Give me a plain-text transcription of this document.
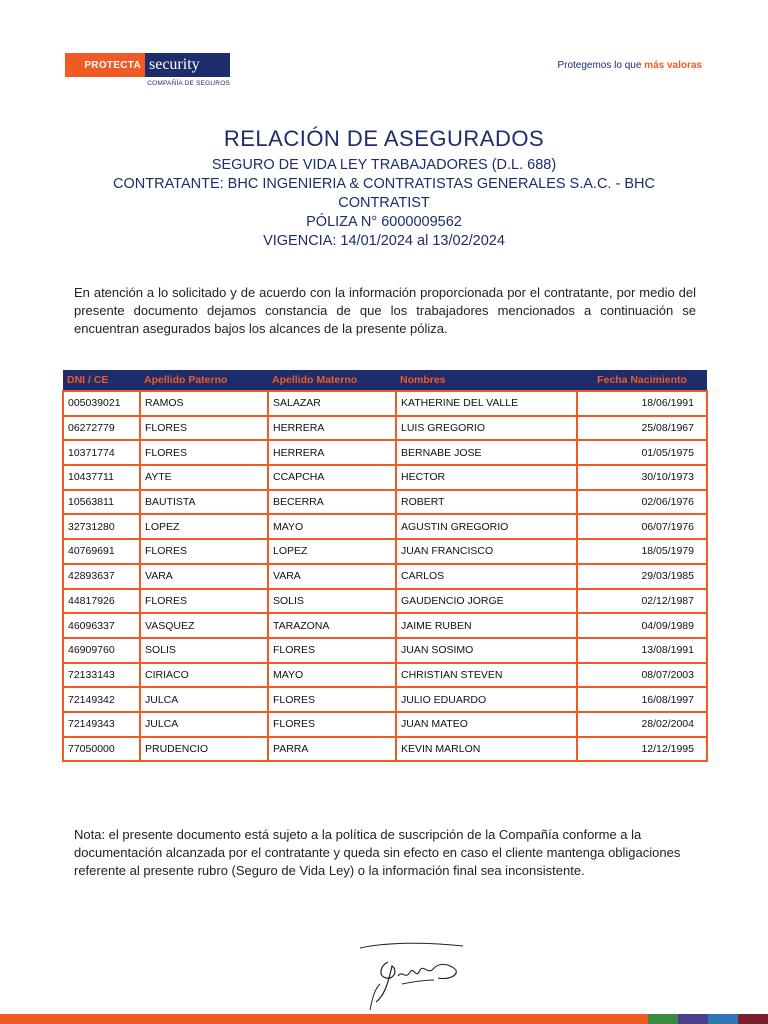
PROTECTA security
COMPAÑÍA DE SEGUROS
Protegemos lo que más valoras
RELACIÓN DE ASEGURADOS
SEGURO DE VIDA LEY TRABAJADORES (D.L. 688)
CONTRATANTE: BHC INGENIERIA & CONTRATISTAS GENERALES S.A.C. - BHC CONTRATIST
PÓLIZA N° 6000009562
VIGENCIA: 14/01/2024 al 13/02/2024
En atención a lo solicitado y de acuerdo con la información proporcionada por el contratante, por medio del presente documento dejamos constancia de que los trabajadores mencionados a continuación se encuentran asegurados bajos los alcances de la presente póliza.
DNI / CE	Apellido Paterno	Apellido Materno	Nombres	Fecha Nacimiento
005039021	RAMOS	SALAZAR	KATHERINE DEL VALLE	18/06/1991
06272779	FLORES	HERRERA	LUIS GREGORIO	25/08/1967
10371774	FLORES	HERRERA	BERNABE JOSE	01/05/1975
10437711	AYTE	CCAPCHA	HECTOR	30/10/1973
10563811	BAUTISTA	BECERRA	ROBERT	02/06/1976
32731280	LOPEZ	MAYO	AGUSTIN GREGORIO	06/07/1976
40769691	FLORES	LOPEZ	JUAN FRANCISCO	18/05/1979
42893637	VARA	VARA	CARLOS	29/03/1985
44817926	FLORES	SOLIS	GAUDENCIO JORGE	02/12/1987
46096337	VASQUEZ	TARAZONA	JAIME RUBEN	04/09/1989
46909760	SOLIS	FLORES	JUAN SOSIMO	13/08/1991
72133143	CIRIACO	MAYO	CHRISTIAN STEVEN	08/07/2003
72149342	JULCA	FLORES	JULIO EDUARDO	16/08/1997
72149343	JULCA	FLORES	JUAN MATEO	28/02/2004
77050000	PRUDENCIO	PARRA	KEVIN MARLON	12/12/1995
Nota: el presente documento está sujeto a la política de suscripción de la Compañía conforme a la documentación alcanzada por el contratante y queda sin efecto en caso el cliente mantenga obligaciones referente al presente rubro (Seguro de Vida Ley) o la información final sea inconsistente.
